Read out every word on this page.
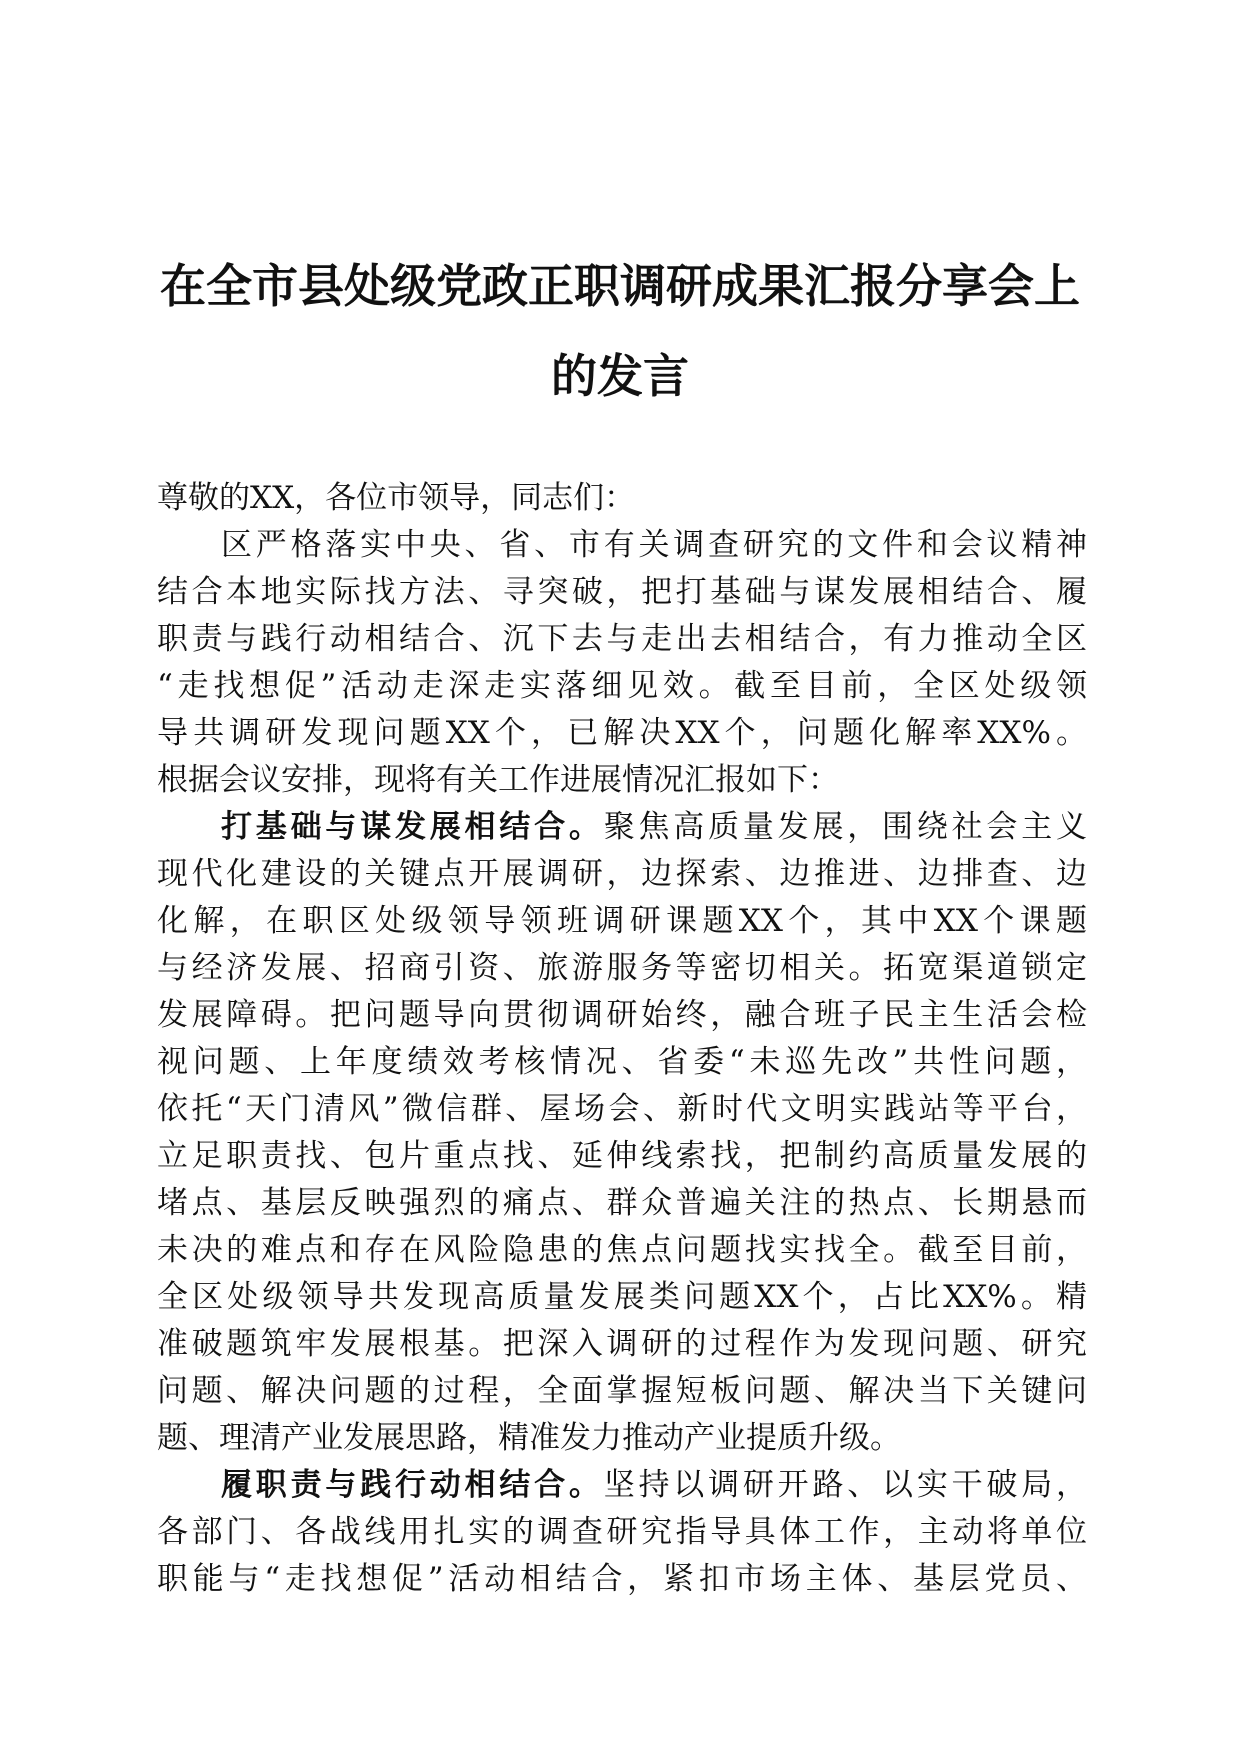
在全市县处级党政正职调研成果汇报分享会上
的发言
尊敬的XX，各位市领导，同志们：
区严格落实中央、省、市有关调查研究的文件和会议精神
结合本地实际找方法、寻突破，把打基础与谋发展相结合、履
职责与践行动相结合、沉下去与走出去相结合，有力推动全区
“走找想促”活动走深走实落细见效。截至目前，全区处级领
导共调研发现问题XX个，已解决XX个，问题化解率XX%。
根据会议安排，现将有关工作进展情况汇报如下：
打基础与谋发展相结合。聚焦高质量发展，围绕社会主义
现代化建设的关键点开展调研，边探索、边推进、边排查、边
化解，在职区处级领导领班调研课题XX个，其中XX个课题
与经济发展、招商引资、旅游服务等密切相关。拓宽渠道锁定
发展障碍。把问题导向贯彻调研始终，融合班子民主生活会检
视问题、上年度绩效考核情况、省委“未巡先改”共性问题，
依托“天门清风”微信群、屋场会、新时代文明实践站等平台，
立足职责找、包片重点找、延伸线索找，把制约高质量发展的
堵点、基层反映强烈的痛点、群众普遍关注的热点、长期悬而
未决的难点和存在风险隐患的焦点问题找实找全。截至目前，
全区处级领导共发现高质量发展类问题XX个，占比XX%。精
准破题筑牢发展根基。把深入调研的过程作为发现问题、研究
问题、解决问题的过程，全面掌握短板问题、解决当下关键问
题、理清产业发展思路，精准发力推动产业提质升级。
履职责与践行动相结合。坚持以调研开路、以实干破局，
各部门、各战线用扎实的调查研究指导具体工作，主动将单位
职能与“走找想促”活动相结合，紧扣市场主体、基层党员、
